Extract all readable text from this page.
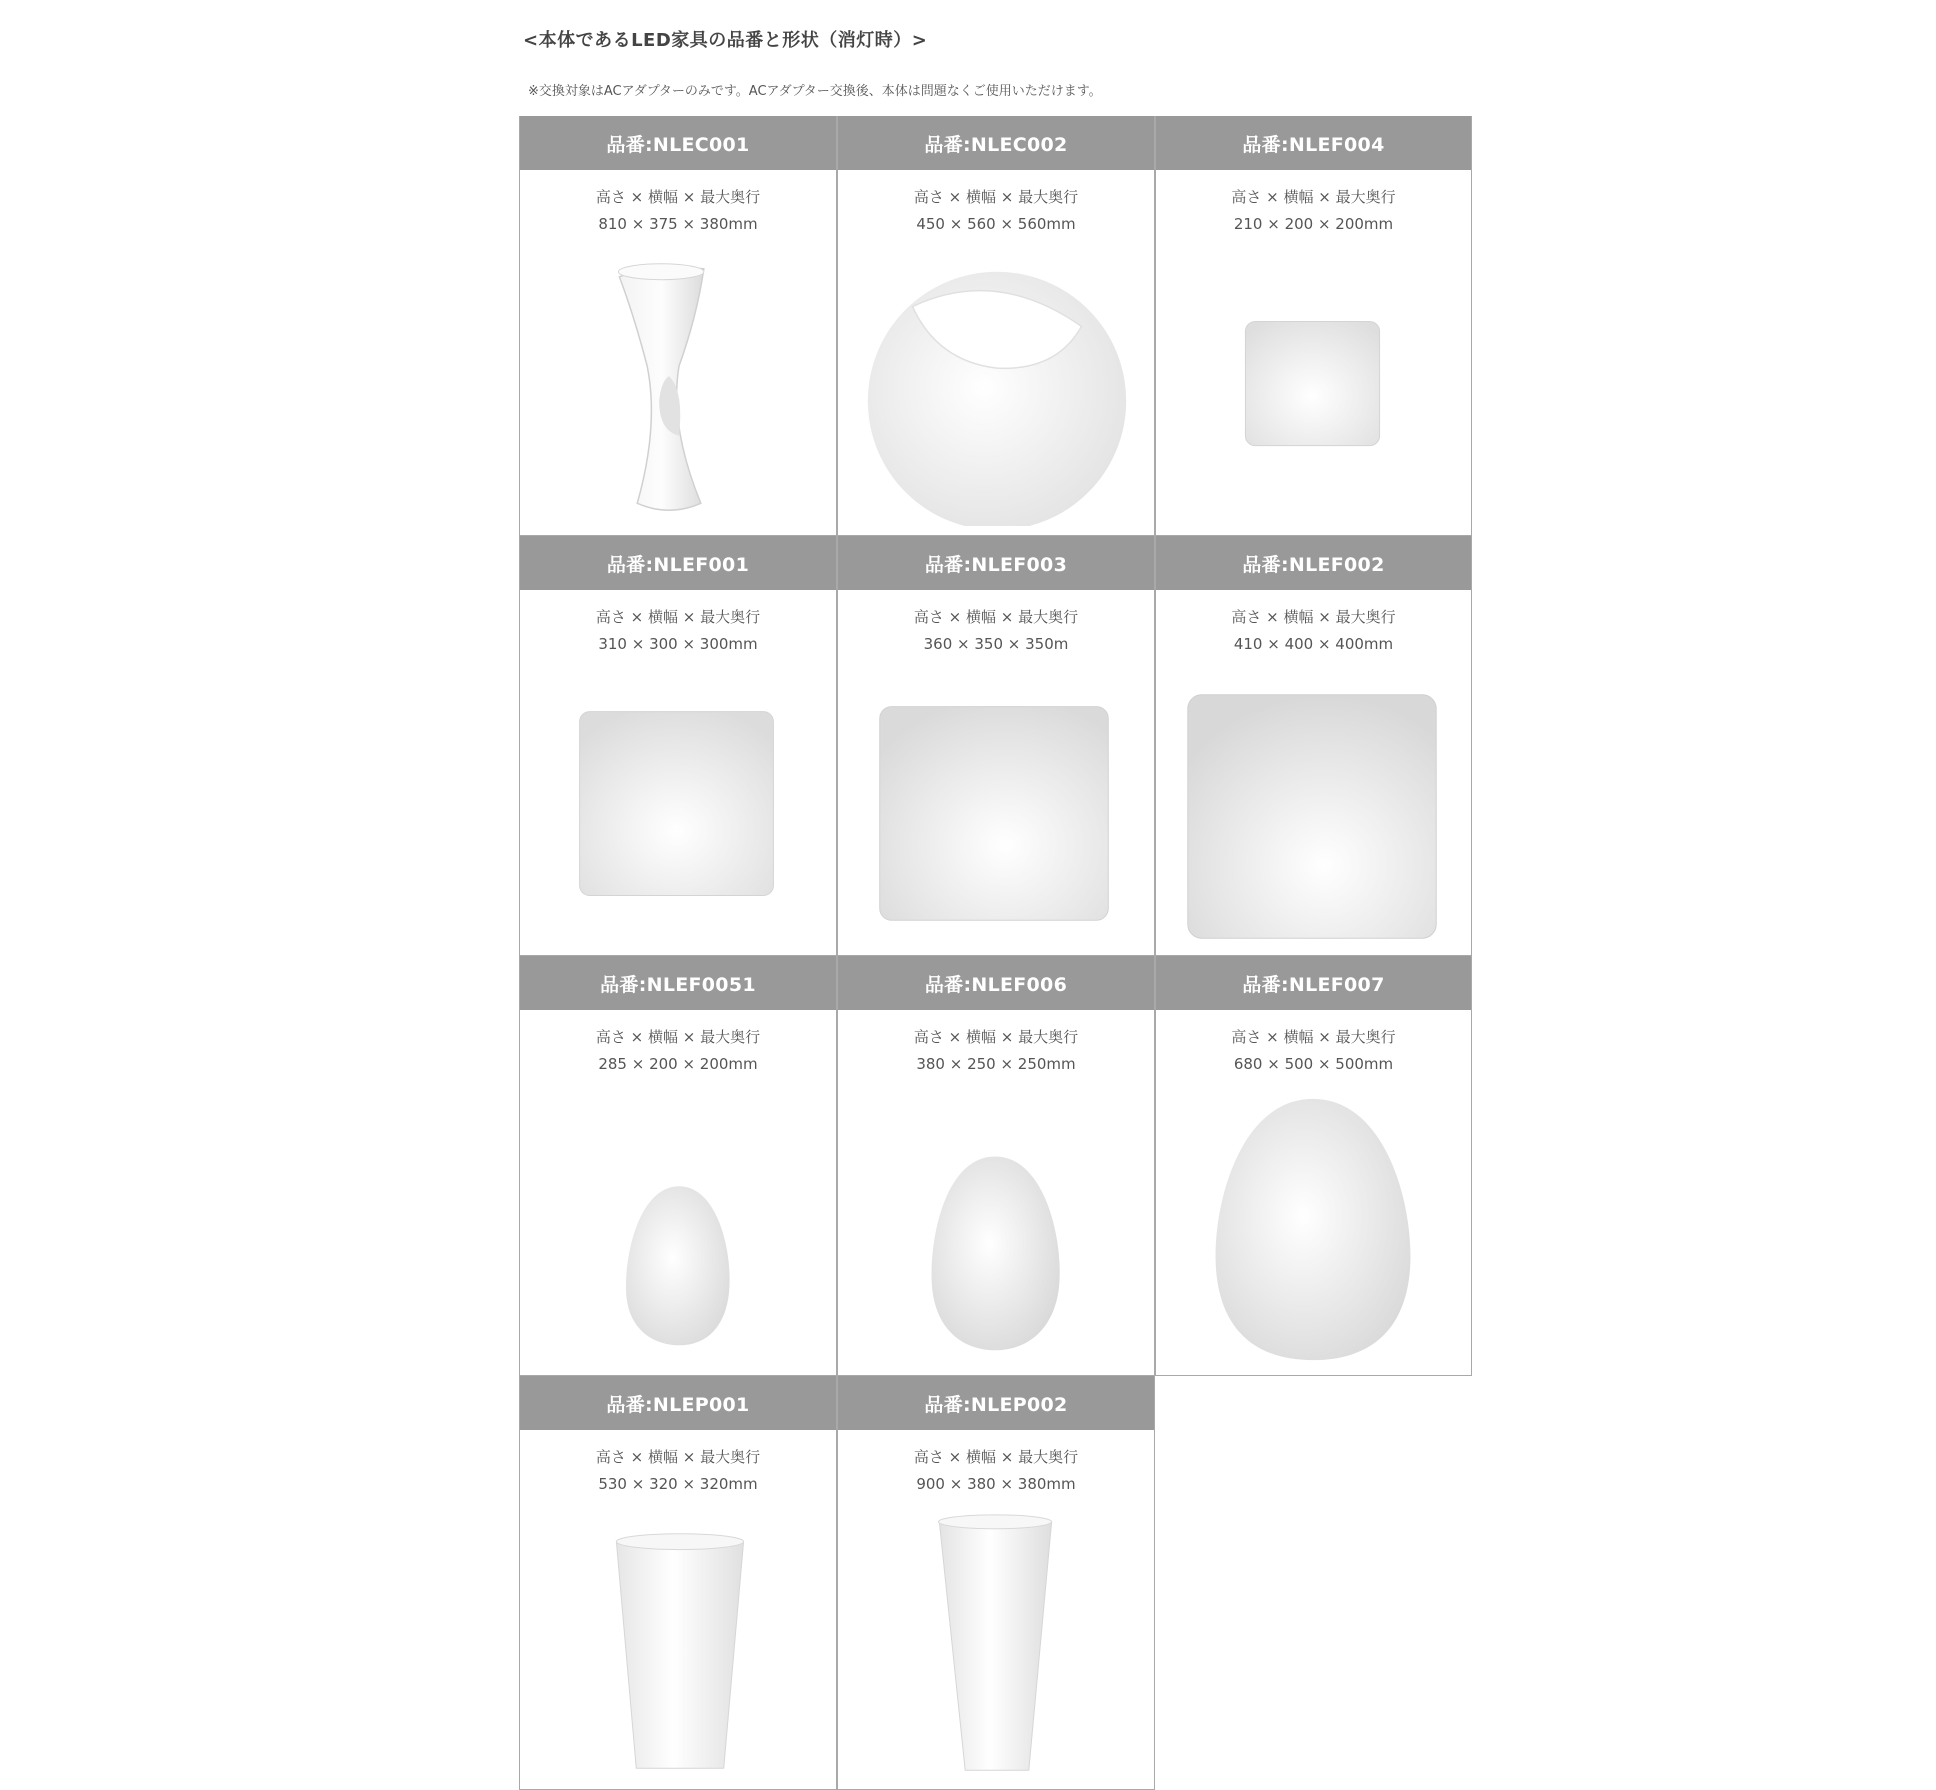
<本体であるLED家具の品番と形状（消灯時）>
※交換対象はACアダプターのみです。ACアダプター交換後、本体は問題なくご使用いただけます。
品番:NLEC001
高さ × 横幅 × 最大奥行
810 × 375 × 380mm
品番:NLEC002
高さ × 横幅 × 最大奥行
450 × 560 × 560mm
品番:NLEF004
高さ × 横幅 × 最大奥行
210 × 200 × 200mm
品番:NLEF001
高さ × 横幅 × 最大奥行
310 × 300 × 300mm
品番:NLEF003
高さ × 横幅 × 最大奥行
360 × 350 × 350m
品番:NLEF002
高さ × 横幅 × 最大奥行
410 × 400 × 400mm
品番:NLEF0051
高さ × 横幅 × 最大奥行
285 × 200 × 200mm
品番:NLEF006
高さ × 横幅 × 最大奥行
380 × 250 × 250mm
品番:NLEF007
高さ × 横幅 × 最大奥行
680 × 500 × 500mm
品番:NLEP001
高さ × 横幅 × 最大奥行
530 × 320 × 320mm
品番:NLEP002
高さ × 横幅 × 最大奥行
900 × 380 × 380mm
